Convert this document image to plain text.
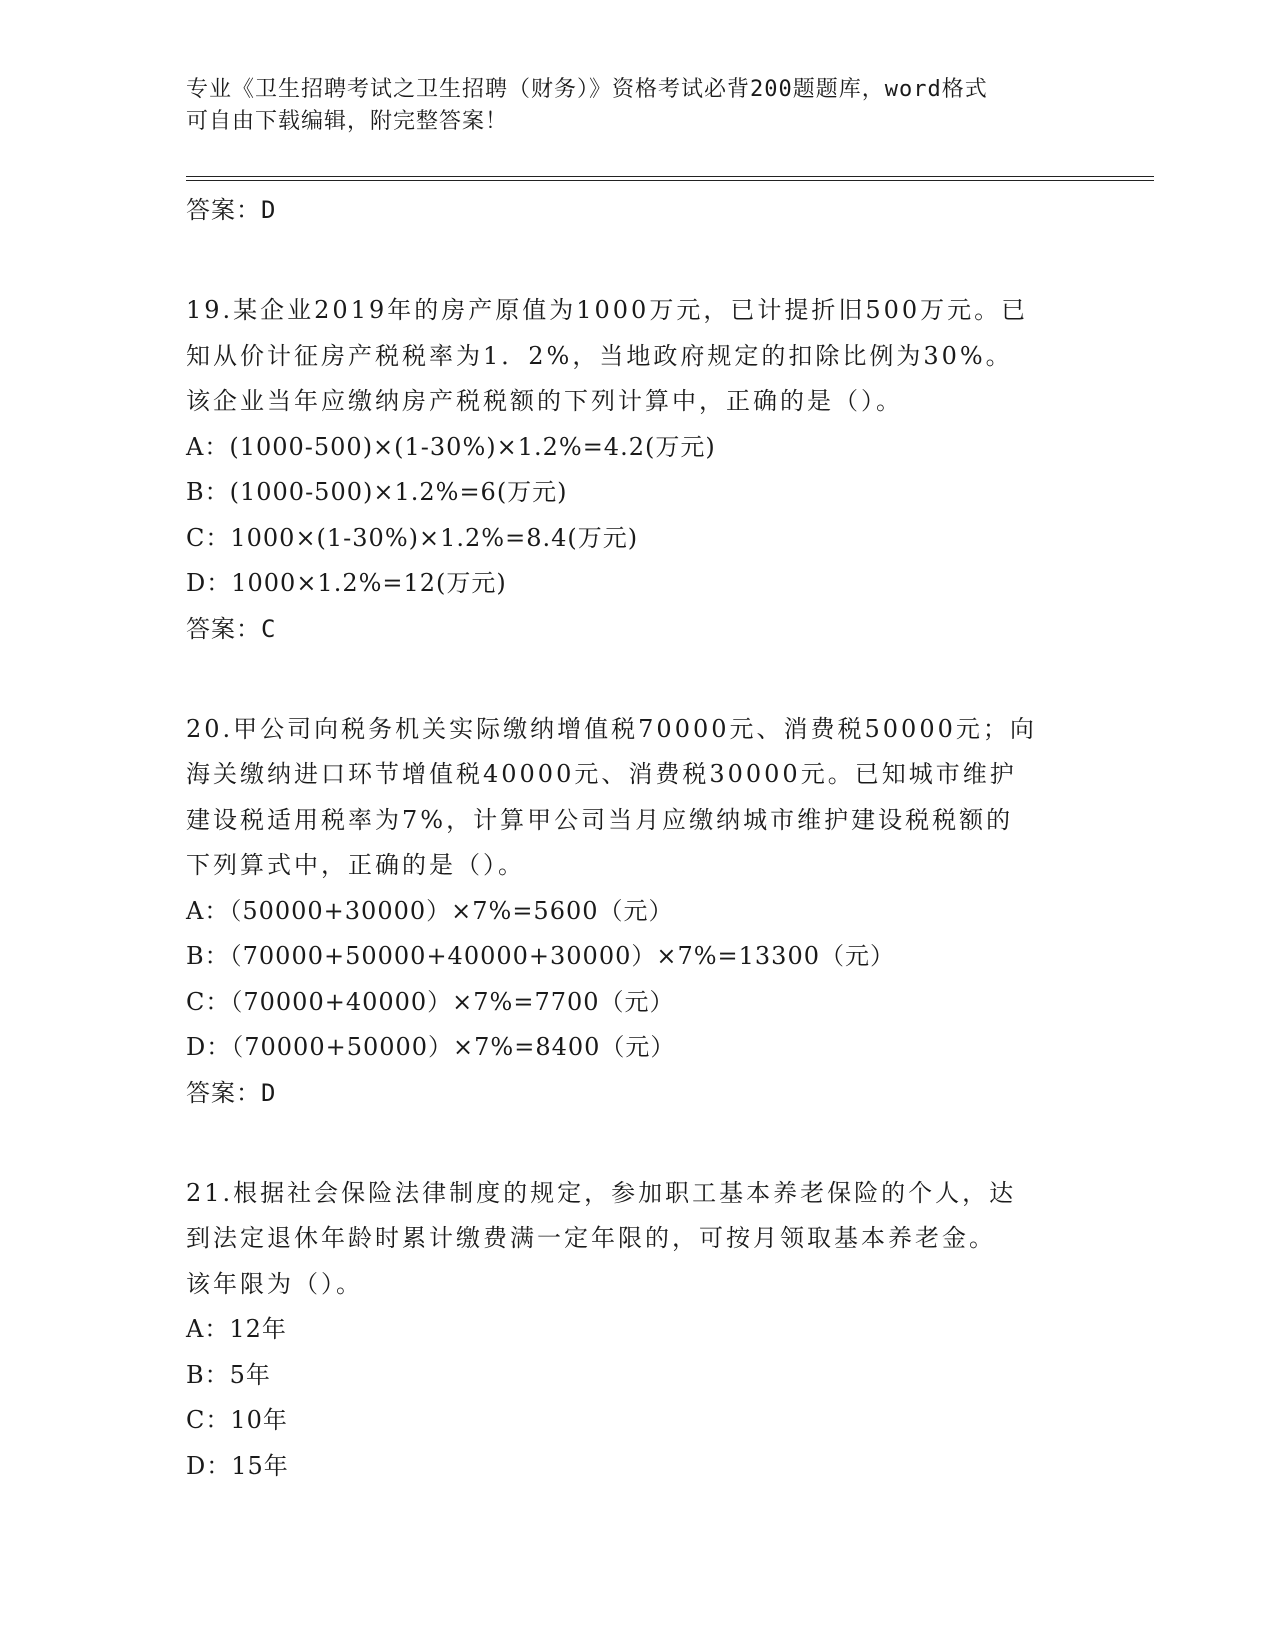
专业《卫生招聘考试之卫生招聘（财务）》资格考试必背200题题库，word格式
可自由下载编辑，附完整答案！
答案：D
19.某企业2019年的房产原值为1000万元，已计提折旧500万元。已
知从价计征房产税税率为1．2%，当地政府规定的扣除比例为30%。
该企业当年应缴纳房产税税额的下列计算中，正确的是（）。
A：(1000-500)×(1-30%)×1.2%=4.2(万元)
B：(1000-500)×1.2%=6(万元)
C：1000×(1-30%)×1.2%=8.4(万元)
D：1000×1.2%=12(万元)
答案：C
20.甲公司向税务机关实际缴纳增值税70000元、消费税50000元；向
海关缴纳进口环节增值税40000元、消费税30000元。已知城市维护
建设税适用税率为7%，计算甲公司当月应缴纳城市维护建设税税额的
下列算式中，正确的是（）。
A：（50000+30000）×7%=5600（元）
B：（70000+50000+40000+30000）×7%=13300（元）
C：（70000+40000）×7%=7700（元）
D：（70000+50000）×7%=8400（元）
答案：D
21.根据社会保险法律制度的规定，参加职工基本养老保险的个人，达
到法定退休年龄时累计缴费满一定年限的，可按月领取基本养老金。
该年限为（）。
A：12年
B：5年
C：10年
D：15年
